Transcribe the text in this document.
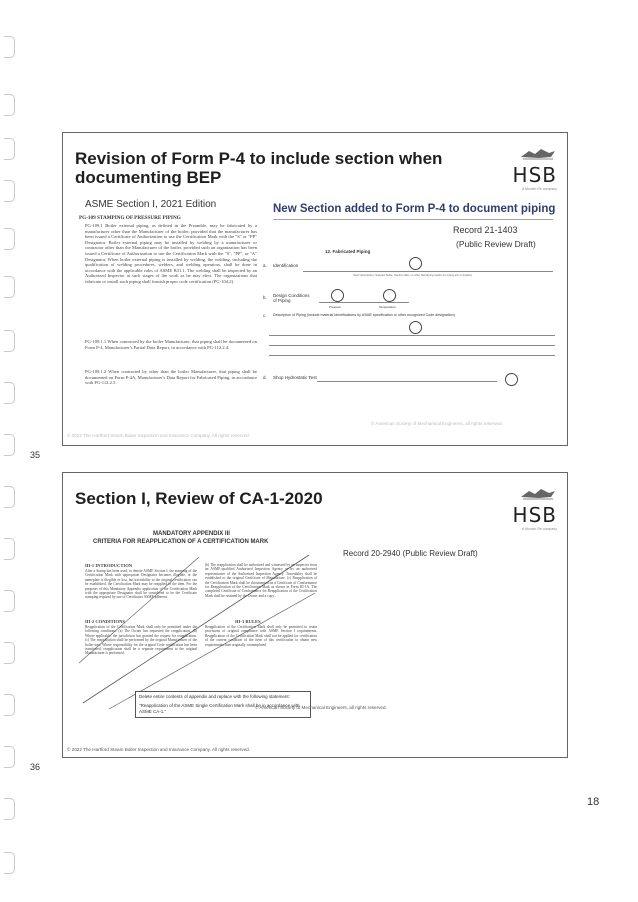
Revision of Form P-4 to include section when documenting BEP	HSB
A Munich Re company
ASME Section I, 2021 Edition
PG-109 STAMPING OF PRESSURE PIPING
PG-109.1 Boiler external piping, as defined in the Preamble, may be fabricated by a manufacturer other than the Manufacturer of the boiler, provided that the manufacturer has been issued a Certificate of Authorization to use the Certification Mark with the "S" or "PP" Designator. Boiler external piping may be installed by welding by a manufacturer or contractor other than the Manufacturer of the boiler, provided such an organization has been issued a Certificate of Authorization to use the Certification Mark with the "S", "PP", or "A" Designator. When boiler external piping is installed by welding, the welding, including the qualification of welding procedures, welders, and welding operators, shall be done in accordance with the applicable rules of ASME B31.1. The welding shall be inspected by an Authorized Inspector at such stages of the work as he may elect. The organizations that fabricate or install such piping shall furnish proper code certification (PG-104.2).
PG-109.1.1 When contracted by the boiler Manufacturer, that piping shall be documented on Form P-4, Manufacturer's Partial Data Report, in accordance with PG-112.2.4.
PG-109.1.2 When contracted by other than the boiler Manufacturer, that piping shall be documented on Form P-4A, Manufacturer's Data Report for Fabricated Piping, in accordance with PG-112.2.5.
© 2022 The Hartford Steam Boiler Inspection and Insurance Company. All rights reserved.
New Section added to Form P-4 to document piping
Record 21-1403
(Public Review Draft)
12. Fabricated Piping
a. Identification
(brief description, Subpart Table, Section Wel, or other identifying marks for piping job or details)
b. Design Conditions of Piping
Pressure	Temperature
c. Description of Piping (include material identifications by ASME specification or other recognized Code designation)
d. Shop Hydrostatic Test
© American Society of Mechanical Engineers, all rights reserved.
35
Section I, Review of CA-1-2020
HSB
A Munich Re company
MANDATORY APPENDIX III
CRITERIA FOR REAPPLICATION OF A CERTIFICATION MARK
Record 20-2940 (Public Review Draft)
III-1 INTRODUCTION
After a Stamp has been used, to denote ASME Section I, the meaning of the Certification Mark with appropriate Designator becomes illegible, or the nameplate is illegible or lost, but traceability to the original certification can be established, the Certification Mark may be reapplied to the item. For the purposes of this Mandatory Appendix application of the Certification Mark with the appropriate Designator shall be considered to be the Certificate stamping required by one of Certificates ASME adherent.
III-2 CONDITIONS
Reapplication of the Certification Mark shall only be permitted under the following conditions: (a) The Owner has requested the reapplication. (b) Where applicable, the jurisdiction has granted the request for reapplication. (c) The reapplication shall be performed by the original Manufacturer of the boiler unit. Where responsibility for the original Code certification has been transferred, reapplication shall be a separate requirement to the original Manufacturer is performed.
(b) The reapplication shall be authorized and witnessed by an Inspector from an ASME-qualified Authorized Inspection Agency or by an authorized representative of the Authorized Inspection Agency. Traceability shall be established to the original Certificate of Manufacture. (c) Reapplication of the Certification Mark shall be documented on a Certificate of Conformance for Reapplication of the Certification Mark as shown in Form III-1A. The completed Certificate of Conformance for Reapplication of the Certification Mark shall be retained by the Owner and a copy.
III-3 RULES
Reapplication of the Certification Mark shall only be permitted to retain provisions of original compliance with ASME Section I requirements. Reapplication of the Certification Mark shall not be applied for certification of the current condition of the item of this certification to obtain new requirements than originally contemplated.
Delete entire contents of appendix and replace with the following statement:
"Reapplication of the ASME Single Certification Mark shall be in accordance with ASME CA-1."
© American Society of Mechanical Engineers, all rights reserved.
© 2022 The Hartford Steam Boiler Inspection and Insurance Company. All rights reserved.
36
18
